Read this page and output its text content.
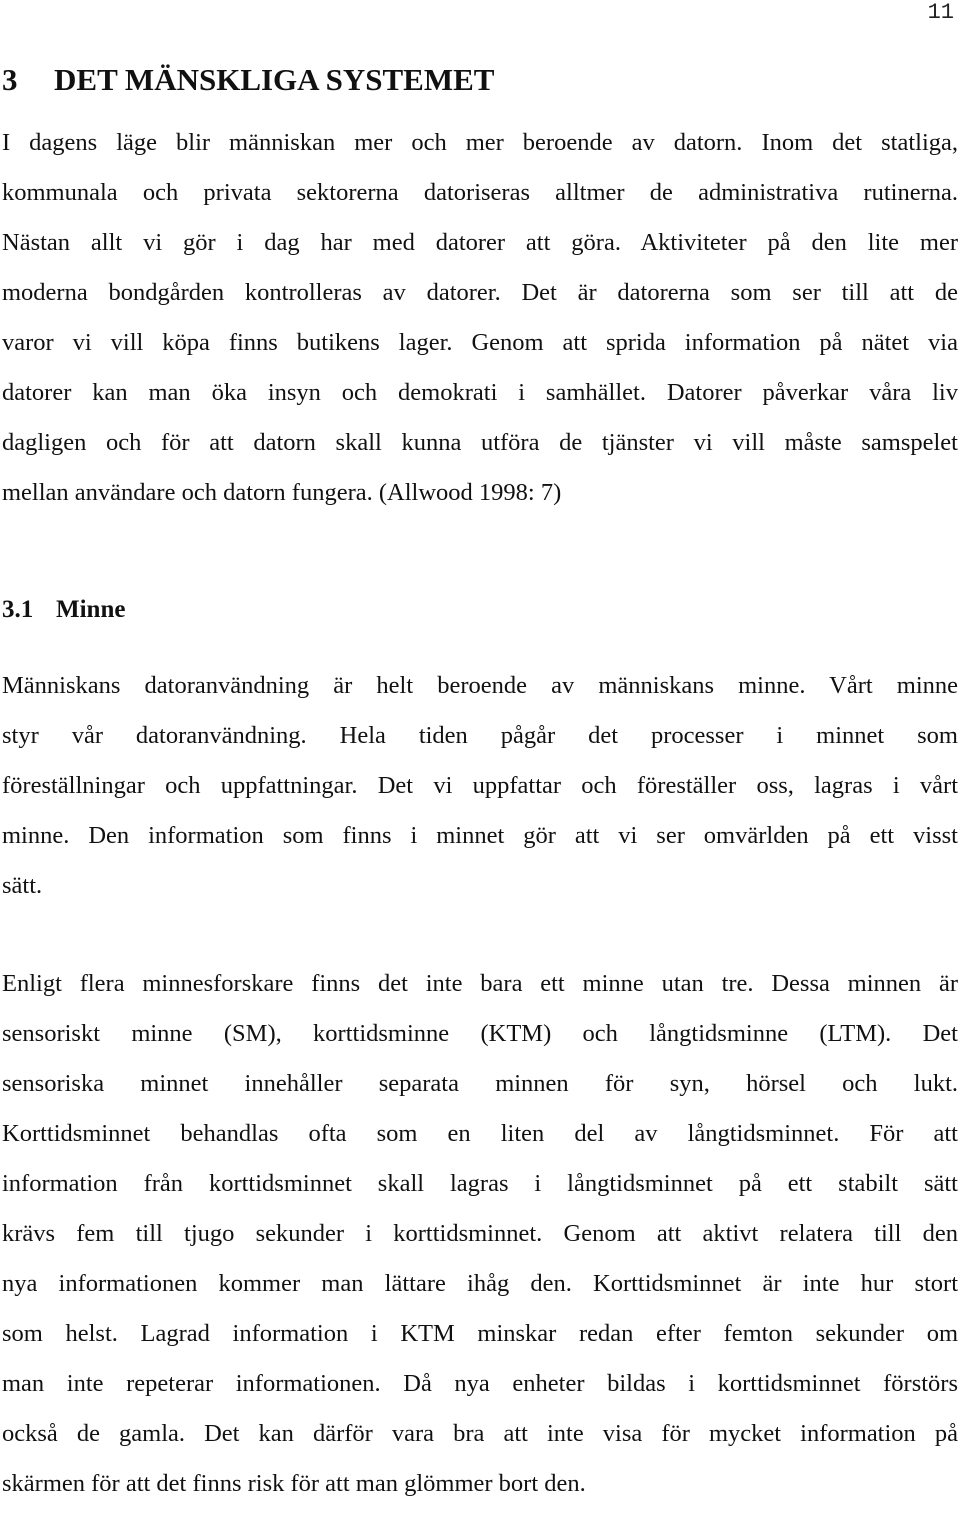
11
3	DET MÄNSKLIGA SYSTEMET

I dagens läge blir människan mer och mer beroende av datorn. Inom det statliga,
kommunala och privata sektorerna datoriseras alltmer de administrativa rutinerna.
Nästan allt vi gör i dag har med datorer att göra. Aktiviteter på den lite mer
moderna bondgården kontrolleras av datorer. Det är datorerna som ser till att de
varor vi vill köpa finns butikens lager. Genom att sprida information på nätet via
datorer kan man öka insyn och demokrati i samhället. Datorer påverkar våra liv
dagligen och för att datorn skall kunna utföra de tjänster vi vill måste samspelet
mellan användare och datorn fungera. (Allwood 1998: 7)

3.1 Minne

Människans datoranvändning är helt beroende av människans minne. Vårt minne
styr vår datoranvändning. Hela tiden pågår det processer i minnet som
föreställningar och uppfattningar. Det vi uppfattar och föreställer oss, lagras i vårt
minne. Den information som finns i minnet gör att vi ser omvärlden på ett visst
sätt.

Enligt flera minnesforskare finns det inte bara ett minne utan tre. Dessa minnen är
sensoriskt minne (SM), korttidsminne (KTM) och långtidsminne (LTM). Det
sensoriska minnet innehåller separata minnen för syn, hörsel och lukt.
Korttidsminnet behandlas ofta som en liten del av långtidsminnet. För att
information från korttidsminnet skall lagras i långtidsminnet på ett stabilt sätt
krävs fem till tjugo sekunder i korttidsminnet. Genom att aktivt relatera till den
nya informationen kommer man lättare ihåg den. Korttidsminnet är inte hur stort
som helst. Lagrad information i KTM minskar redan efter femton sekunder om
man inte repeterar informationen. Då nya enheter bildas i korttidsminnet förstörs
också de gamla. Det kan därför vara bra att inte visa för mycket information på
skärmen för att det finns risk för att man glömmer bort den.
